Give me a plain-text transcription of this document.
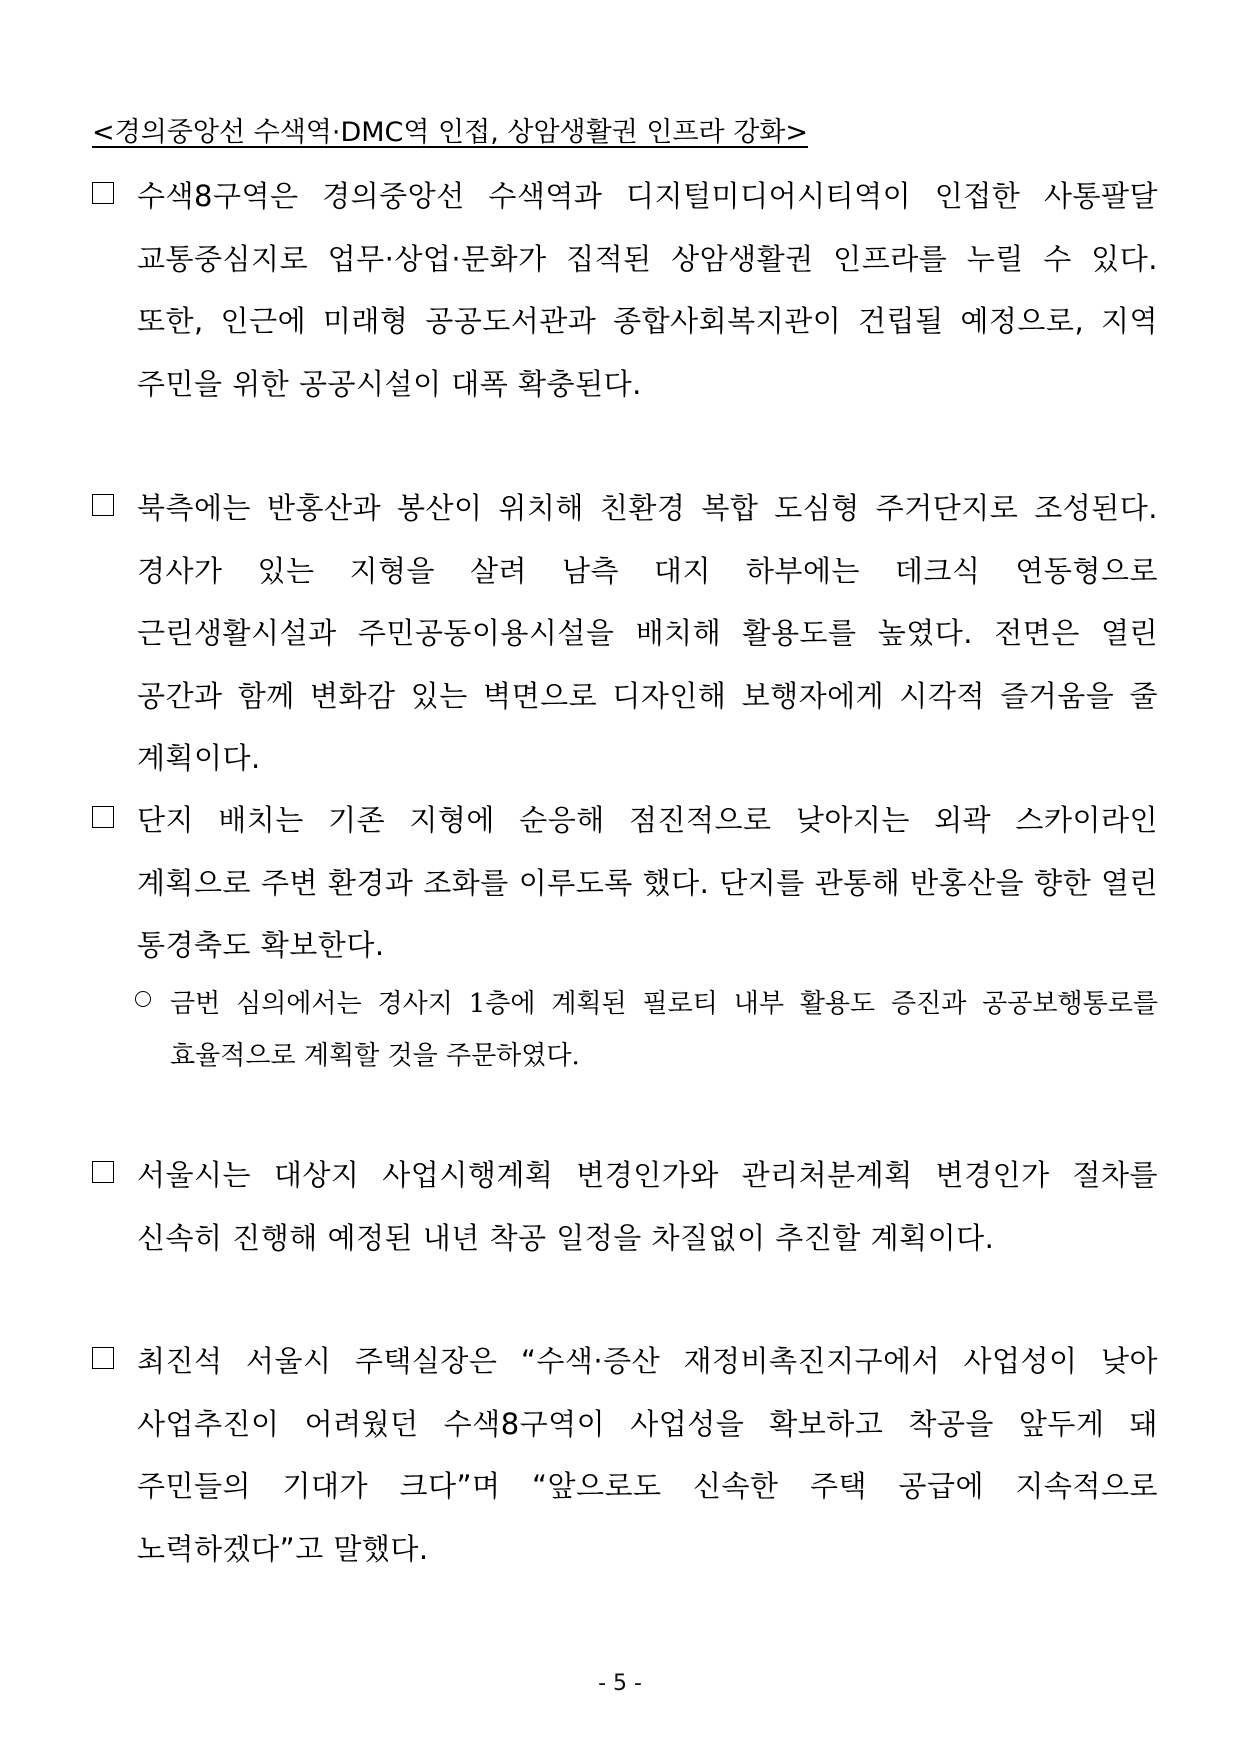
<경의중앙선 수색역·DMC역 인접, 상암생활권 인프라 강화>
수색8구역은 경의중앙선 수색역과 디지털미디어시티역이 인접한 사통팔달 교통중심지로 업무·상업·문화가 집적된 상암생활권 인프라를 누릴 수 있다. 또한, 인근에 미래형 공공도서관과 종합사회복지관이 건립될 예정으로, 지역 주민을 위한 공공시설이 대폭 확충된다.
북측에는 반홍산과 봉산이 위치해 친환경 복합 도심형 주거단지로 조성된다. 경사가 있는 지형을 살려 남측 대지 하부에는 데크식 연동형으로 근린생활시설과 주민공동이용시설을 배치해 활용도를 높였다. 전면은 열린 공간과 함께 변화감 있는 벽면으로 디자인해 보행자에게 시각적 즐거움을 줄 계획이다.
단지 배치는 기존 지형에 순응해 점진적으로 낮아지는 외곽 스카이라인 계획으로 주변 환경과 조화를 이루도록 했다. 단지를 관통해 반홍산을 향한 열린 통경축도 확보한다.
금번 심의에서는 경사지 1층에 계획된 필로티 내부 활용도 증진과 공공보행통로를 효율적으로 계획할 것을 주문하였다.
서울시는 대상지 사업시행계획 변경인가와 관리처분계획 변경인가 절차를 신속히 진행해 예정된 내년 착공 일정을 차질없이 추진할 계획이다.
최진석 서울시 주택실장은 “수색·증산 재정비촉진지구에서 사업성이 낮아 사업추진이 어려웠던 수색8구역이 사업성을 확보하고 착공을 앞두게 돼 주민들의 기대가 크다”며 “앞으로도 신속한 주택 공급에 지속적으로 노력하겠다”고 말했다.
- 5 -
